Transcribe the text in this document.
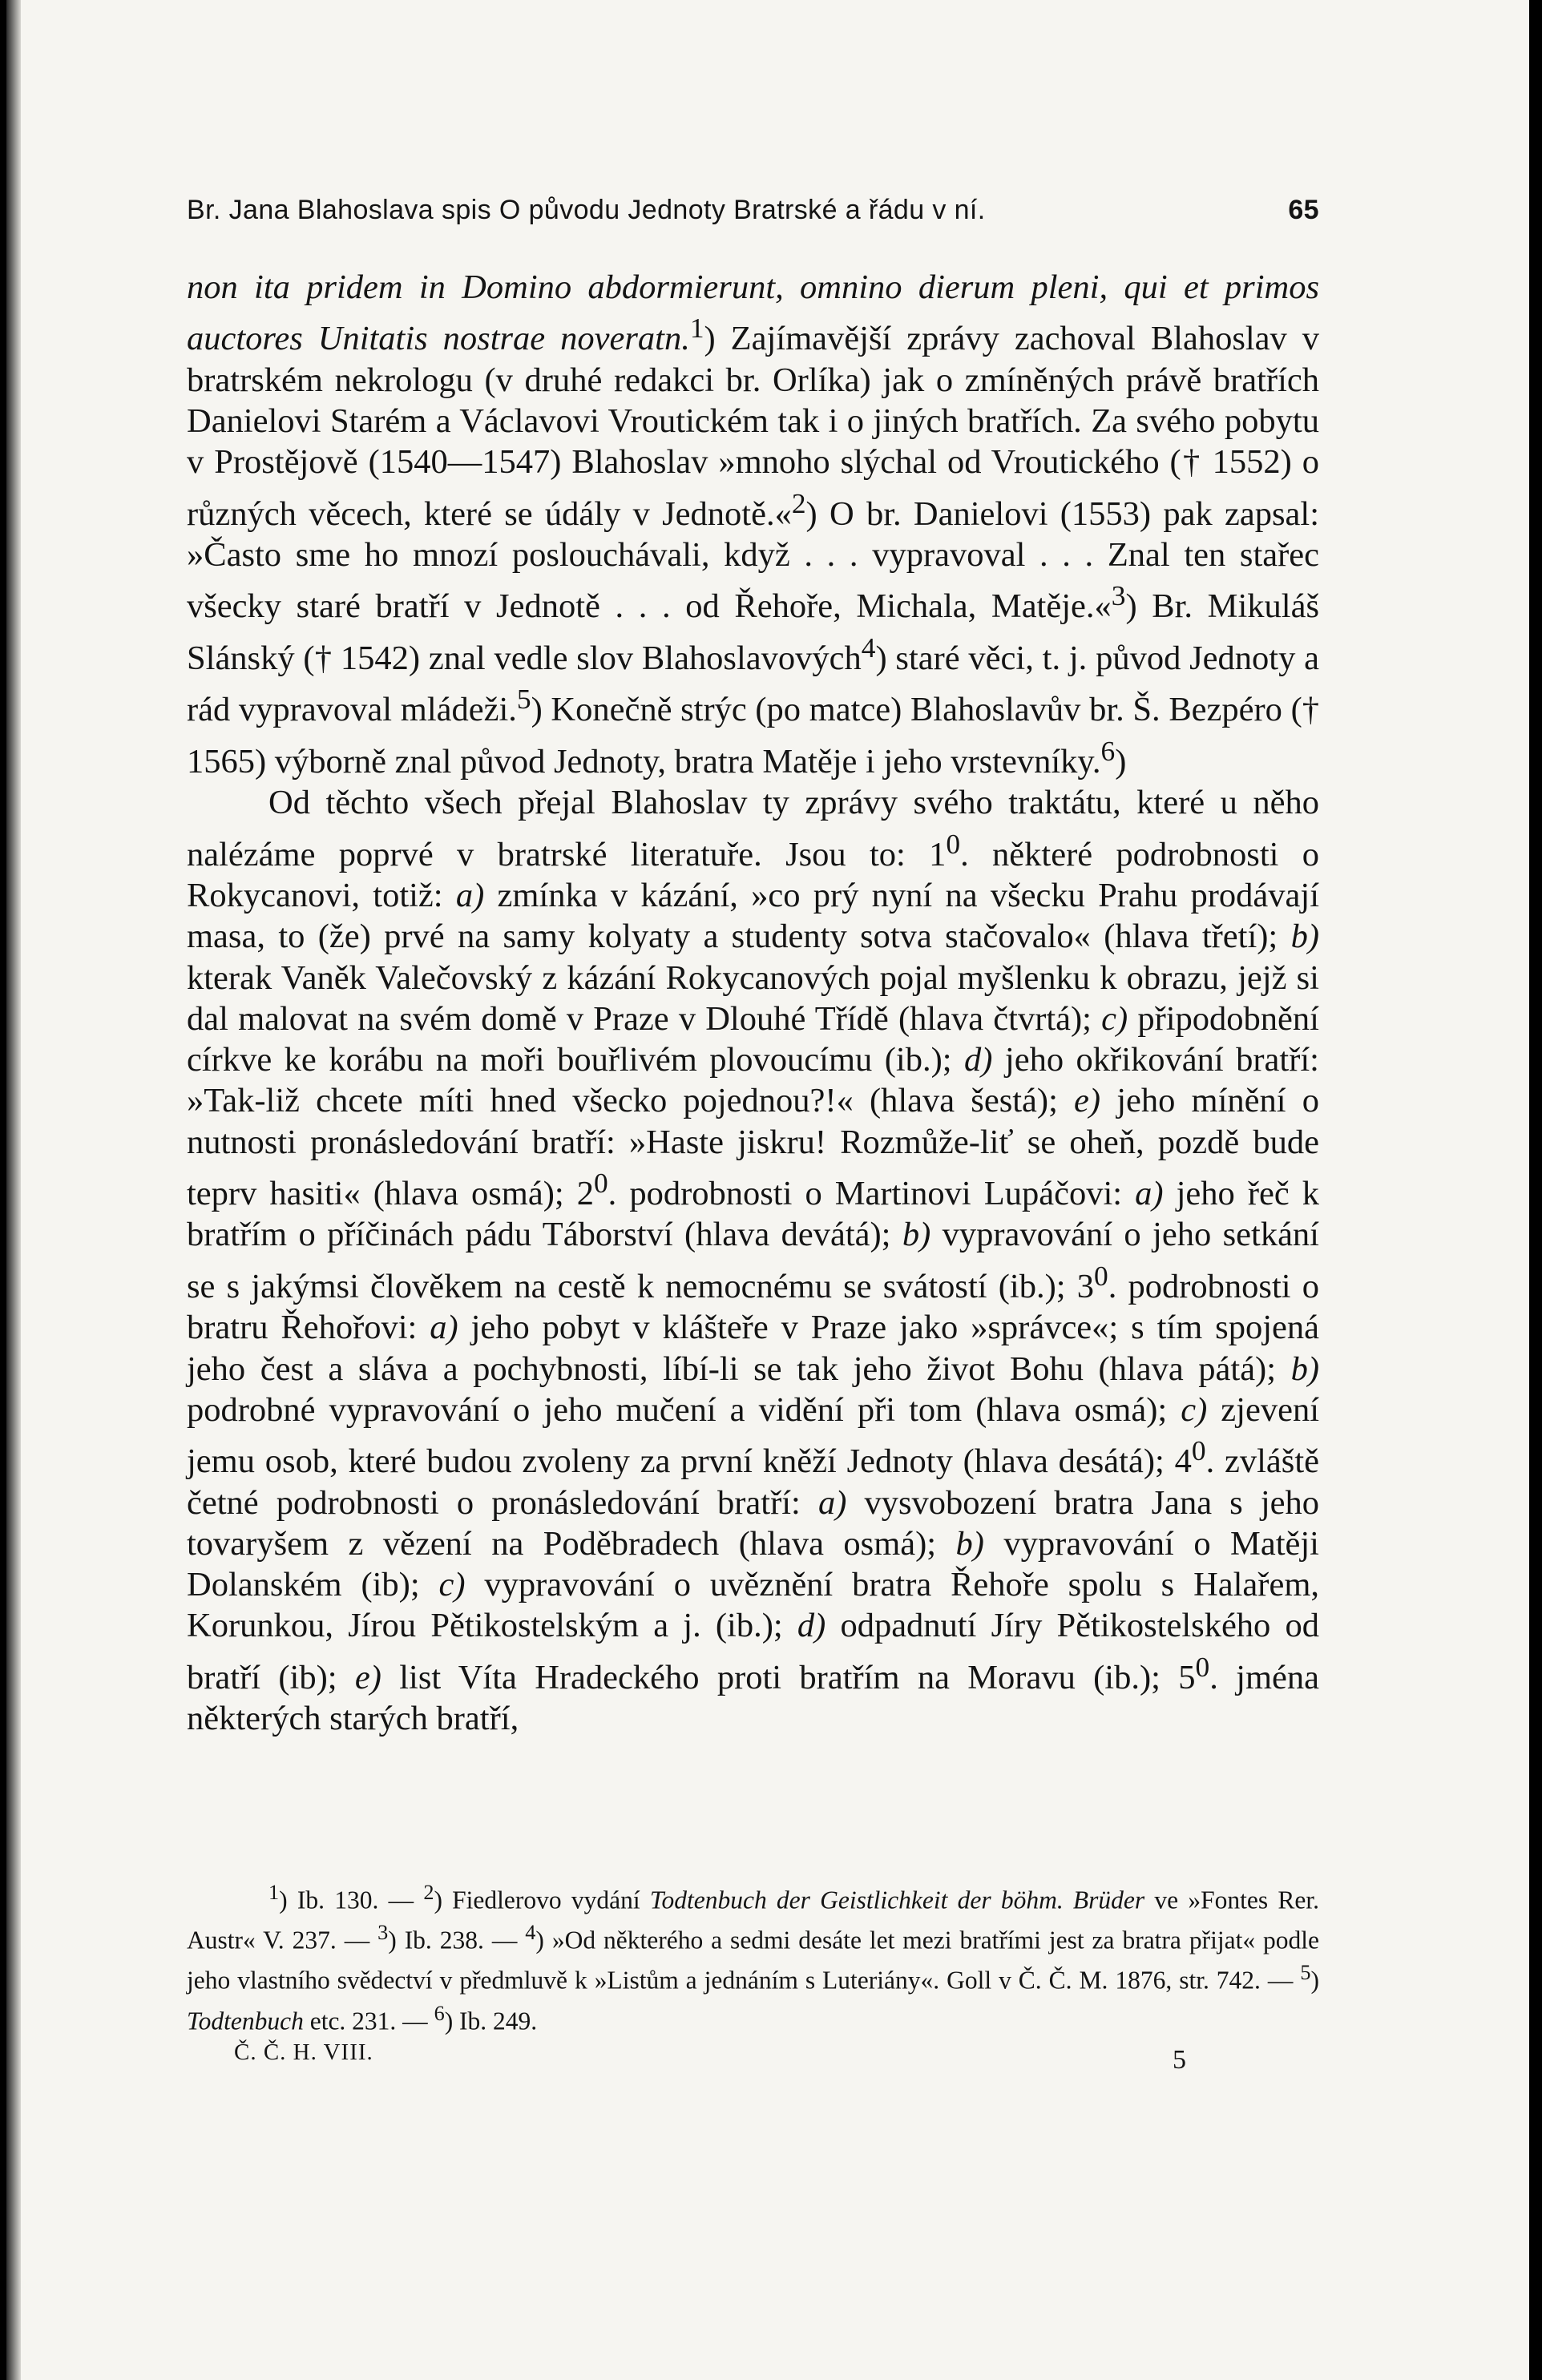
Br. Jana Blahoslava spis O původu Jednoty Bratrské a řádu v ní.	65

non ita pridem in Domino abdormierunt, omnino dierum pleni, qui et primos auctores Unitatis nostrae noveratn.$^1$) Zajímavější zprávy zachoval Blahoslav v bratrském nekrologu (v druhé redakci br. Orlíka) jak o zmíněných právě bratřích Danielovi Starém a Václavovi Vroutickém tak i o jiných bratřích. Za svého pobytu v Prostějově (1540—1547) Blahoslav »mnoho slýchal od Vroutického († 1552) o různých věcech, které se údály v Jednotě.«$^2$) O br. Danielovi (1553) pak zapsal: »Často sme ho mnozí poslouchávali, když . . . vypravoval . . . Znal ten stařec všecky staré bratří v Jednotě . . . od Řehoře, Michala, Matěje.«$^3$) Br. Mikuláš Slánský († 1542) znal vedle slov Blahoslavových$^4$) staré věci, t. j. původ Jednoty a rád vypravoval mládeži.$^5$) Konečně strýc (po matce) Blahoslavův br. Š. Bezpéro († 1565) výborně znal původ Jednoty, bratra Matěje i jeho vrstevníky.$^6$)

Od těchto všech přejal Blahoslav ty zprávy svého traktátu, které u něho nalézáme poprvé v bratrské literatuře. Jsou to: $1^0$. některé podrobnosti o Rokycanovi, totiž: a) zmínka v kázání, »co prý nyní na všecku Prahu prodávají masa, to (že) prvé na samy kolyaty a studenty sotva stačovalo« (hlava třetí); b) kterak Vaněk Valečovský z kázání Rokycanových pojal myšlenku k obrazu, jejž si dal malovat na svém domě v Praze v Dlouhé Třídě (hlava čtvrtá); c) připodobnění církve ke korábu na moři bouřlivém plovoucímu (ib.); d) jeho okřikování bratří: »Tak-liž chcete míti hned všecko pojednou?!« (hlava šestá); e) jeho mínění o nutnosti pronásledování bratří: »Haste jiskru! Rozmůže-liť se oheň, pozdě bude teprv hasiti« (hlava osmá); $2^0$. podrobnosti o Martinovi Lupáčovi: a) jeho řeč k bratřím o příčinách pádu Táborství (hlava devátá); b) vypravování o jeho setkání se s jakýmsi člověkem na cestě k nemocnému se svátostí (ib.); $3^0$. podrobnosti o bratru Řehořovi: a) jeho pobyt v klášteře v Praze jako »správce«; s tím spojená jeho čest a sláva a pochybnosti, líbí-li se tak jeho život Bohu (hlava pátá); b) podrobné vypravování o jeho mučení a vidění při tom (hlava osmá); c) zjevení jemu osob, které budou zvoleny za první kněží Jednoty (hlava desátá); $4^0$. zvláště četné podrobnosti o pronásledování bratří: a) vysvobození bratra Jana s jeho tovaryšem z vězení na Poděbradech (hlava osmá); b) vypravování o Matěji Dolanském (ib); c) vypravování o uvěznění bratra Řehoře spolu s Halařem, Korunkou, Jírou Pětikostelským a j. (ib.); d) odpadnutí Jíry Pětikostelského od bratří (ib); e) list Víta Hradeckého proti bratřím na Moravu (ib.); $5^0$. jména některých starých bratří,

$^1$) Ib. 130. — $^2$) Fiedlerovo vydání Todtenbuch der Geistlichkeit der böhm. Brüder ve »Fontes Rer. Austr« V. 237. — $^3$) Ib. 238. — $^4$) »Od některého a sedmi desáte let mezi bratřími jest za bratra přijat« podle jeho vlastního svědectví v předmluvě k »Listům a jednáním s Luteriány«. Goll v Č. Č. M. 1876, str. 742. — $^5$) Todtenbuch etc. 231. — $^6$) Ib. 249.

Č. Č. H. VIII.	5
